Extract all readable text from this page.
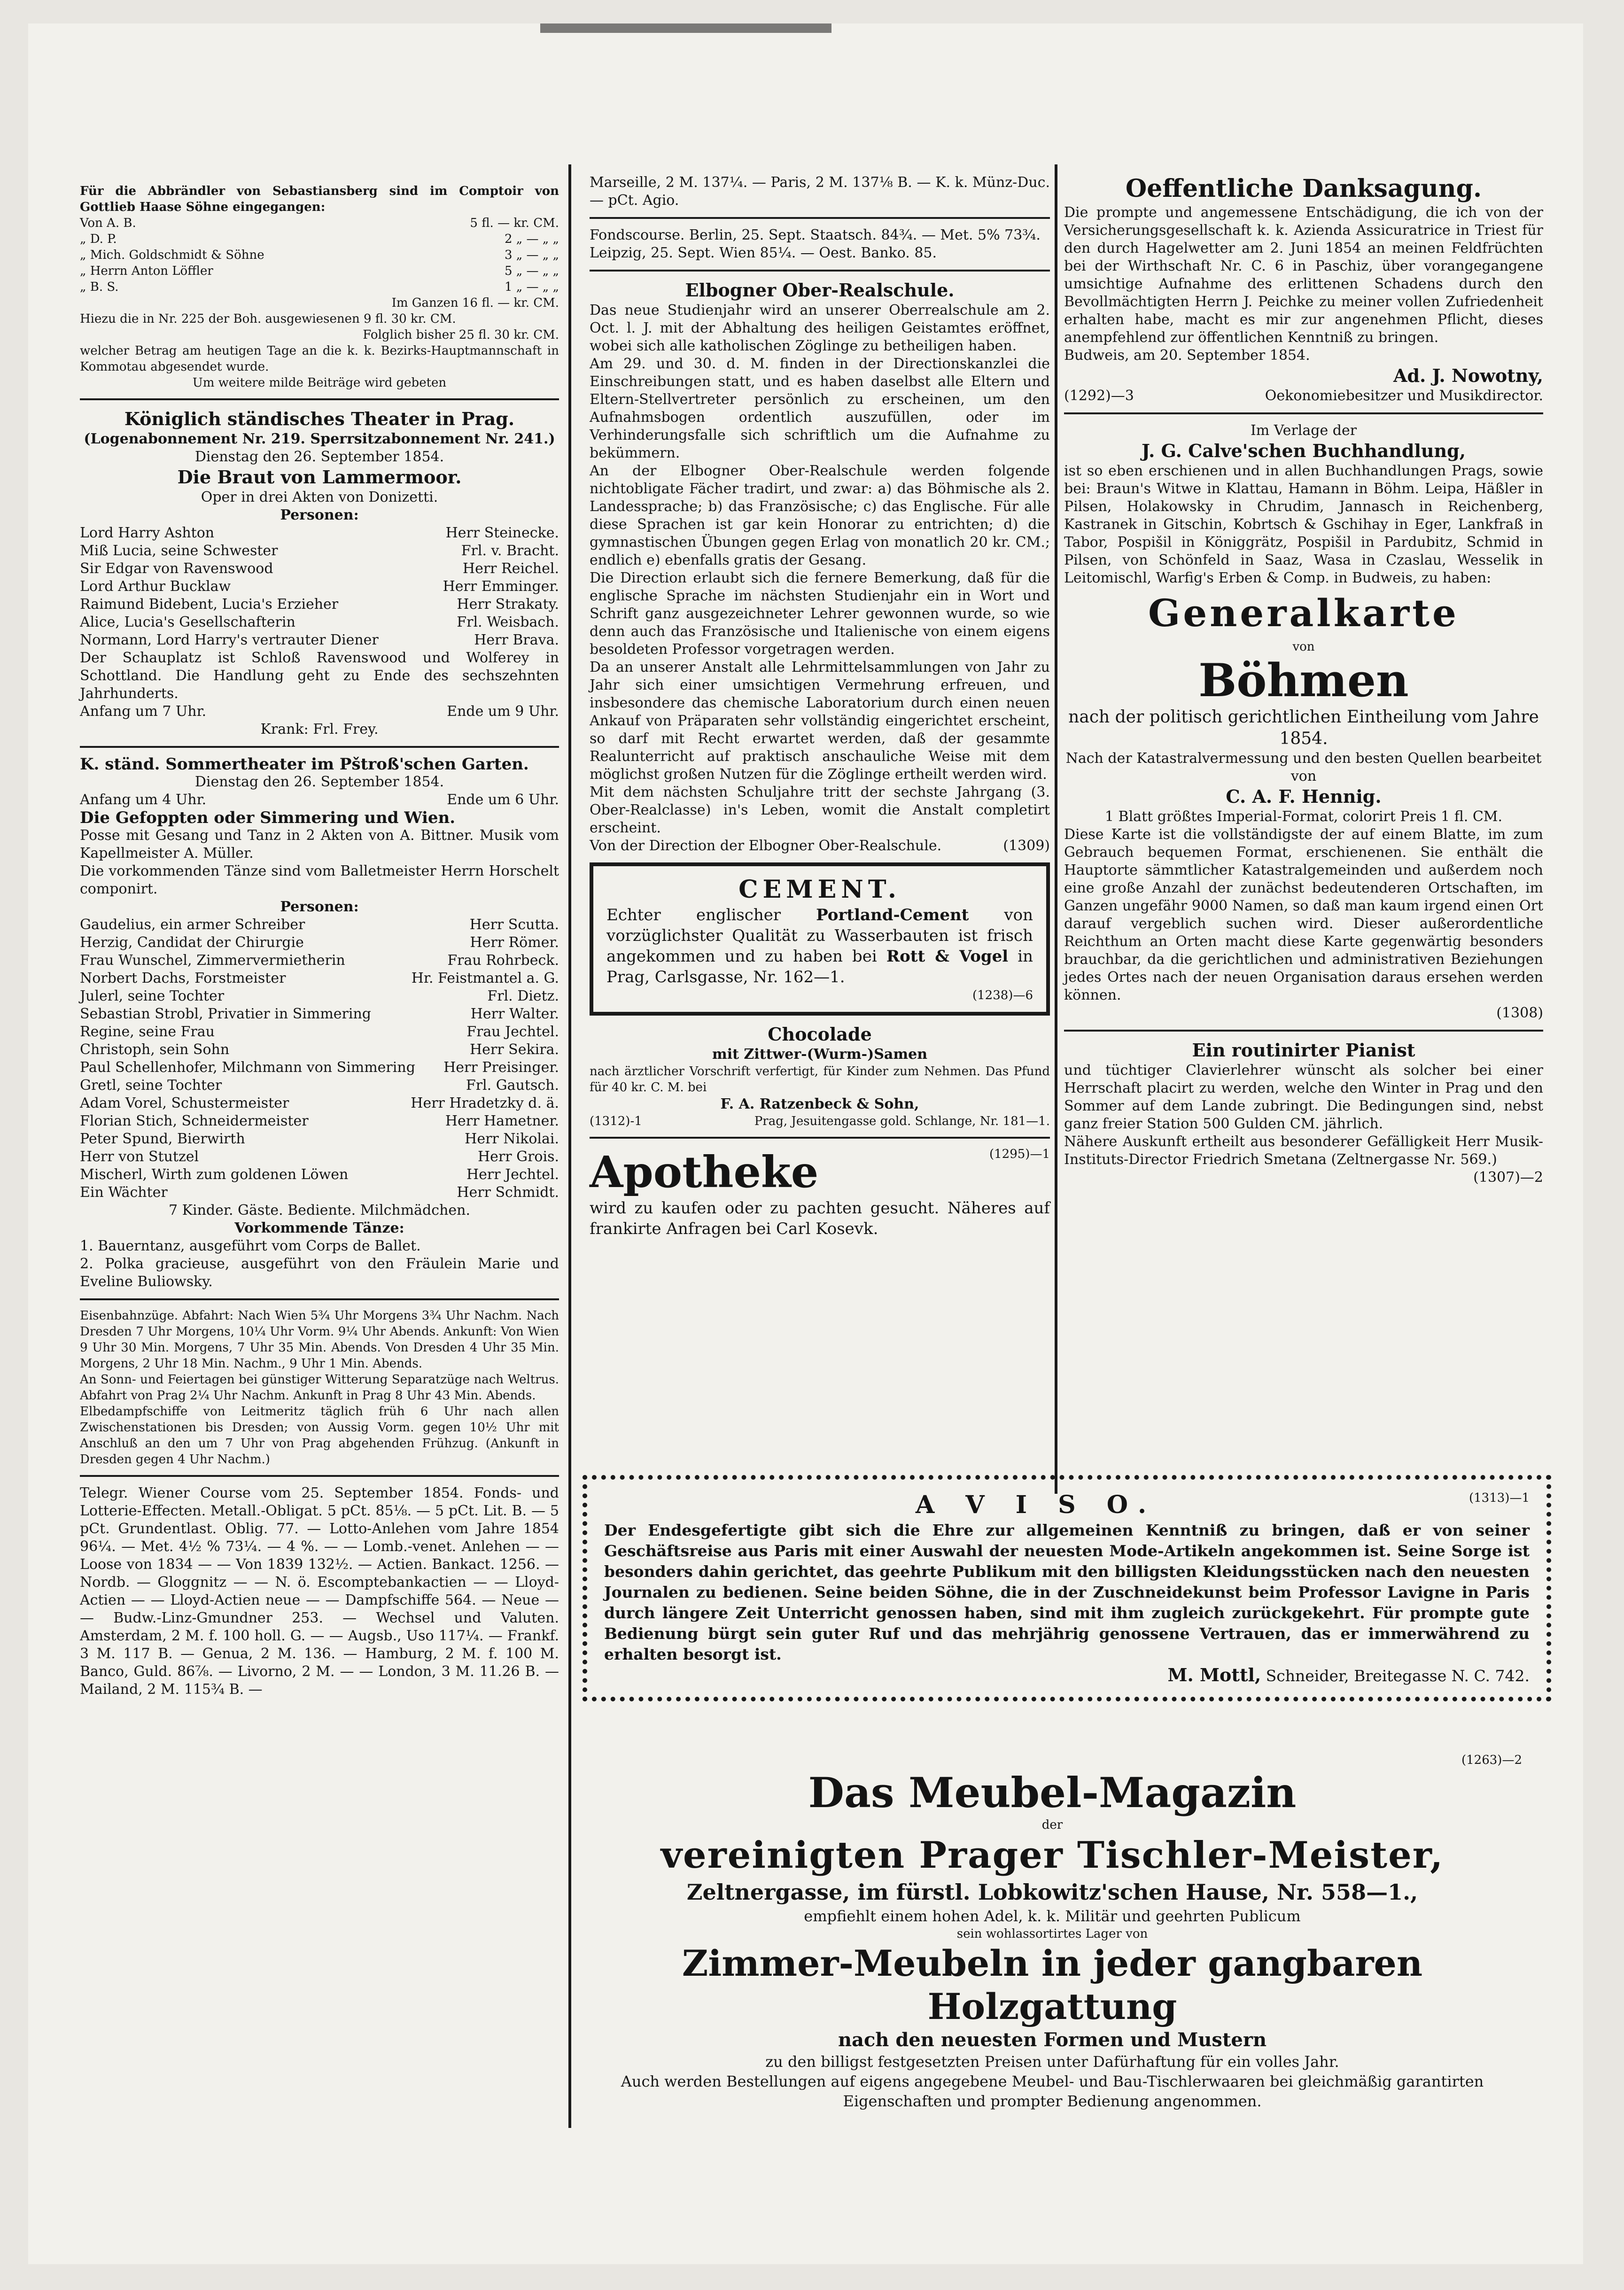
Für die Abbrändler von Sebastiansberg sind im Comptoir von Gottlieb Haase Söhne eingegangen:

Von A. B.	5 fl. — kr. CM.
„ D. P.	2 „ — „ „
„ Mich. Goldschmidt & Söhne	3 „ — „ „
„ Herrn Anton Löffler	5 „ — „ „
„ B. S.	1 „ — „ „
Im Ganzen 16 fl. — kr. CM.
Hiezu die in Nr. 225 der Boh. ausgewiesenen 9 fl. 30 kr. CM.
Folglich bisher 25 fl. 30 kr. CM.

welcher Betrag am heutigen Tage an die k. k. Bezirks-Hauptmannschaft in Kommotau abgesendet wurde.

Um weitere milde Beiträge wird gebeten
Königlich ständisches Theater in Prag.
(Logenabonnement Nr. 219. Sperrsitzabonnement Nr. 241.)
Dienstag den 26. September 1854.
Die Braut von Lammermoor.
Oper in drei Akten von Donizetti.
Personen:
Lord Harry Ashton	Herr Steinecke.
Miß Lucia, seine Schwester	Frl. v. Bracht.
Sir Edgar von Ravenswood	Herr Reichel.
Lord Arthur Bucklaw	Herr Emminger.
Raimund Bidebent, Lucia's Erzieher	Herr Strakaty.
Alice, Lucia's Gesellschafterin	Frl. Weisbach.
Normann, Lord Harry's vertrauter Diener	Herr Brava.

Der Schauplatz ist Schloß Ravenswood und Wolferey in Schottland. Die Handlung geht zu Ende des sechszehnten Jahrhunderts.

Anfang um 7 Uhr.	Ende um 9 Uhr.
Krank: Frl. Frey.
K. ständ. Sommertheater im Pštroß'schen Garten.
Dienstag den 26. September 1854.
Anfang um 4 Uhr.	Ende um 6 Uhr.
Die Gefoppten oder Simmering und Wien.

Posse mit Gesang und Tanz in 2 Akten von A. Bittner. Musik vom Kapellmeister A. Müller.

Die vorkommenden Tänze sind vom Balletmeister Herrn Horschelt componirt.

Personen:
Gaudelius, ein armer Schreiber	Herr Scutta.
Herzig, Candidat der Chirurgie	Herr Römer.
Frau Wunschel, Zimmervermietherin	Frau Rohrbeck.
Norbert Dachs, Forstmeister	Hr. Feistmantel a. G.
Julerl, seine Tochter	Frl. Dietz.
Sebastian Strobl, Privatier in Simmering	Herr Walter.
Regine, seine Frau	Frau Jechtel.
Christoph, sein Sohn	Herr Sekira.
Paul Schellenhofer, Milchmann von Simmering Herr Preisinger.
Gretl, seine Tochter	Frl. Gautsch.
Adam Vorel, Schustermeister	Herr Hradetzky d. ä.
Florian Stich, Schneidermeister	Herr Hametner.
Peter Spund, Bierwirth	Herr Nikolai.
Herr von Stutzel	Herr Grois.
Mischerl, Wirth zum goldenen Löwen	Herr Jechtel.
Ein Wächter	Herr Schmidt.
7 Kinder. Gäste. Bediente. Milchmädchen.
Vorkommende Tänze:

1. Bauerntanz, ausgeführt vom Corps de Ballet.

2. Polka gracieuse, ausgeführt von den Fräulein Marie und Eveline Buliowsky.

Eisenbahnzüge. Abfahrt: Nach Wien 5¾ Uhr Morgens 3¾ Uhr Nachm. Nach Dresden 7 Uhr Morgens, 10¼ Uhr Vorm. 9¼ Uhr Abends. Ankunft: Von Wien 9 Uhr 30 Min. Morgens, 7 Uhr 35 Min. Abends. Von Dresden 4 Uhr 35 Min. Morgens, 2 Uhr 18 Min. Nachm., 9 Uhr 1 Min. Abends.

An Sonn- und Feiertagen bei günstiger Witterung Separatzüge nach Weltrus. Abfahrt von Prag 2¼ Uhr Nachm. Ankunft in Prag 8 Uhr 43 Min. Abends.

Elbedampfschiffe von Leitmeritz täglich früh 6 Uhr nach allen Zwischenstationen bis Dresden; von Aussig Vorm. gegen 10½ Uhr mit Anschluß an den um 7 Uhr von Prag abgehenden Frühzug. (Ankunft in Dresden gegen 4 Uhr Nachm.)

Telegr. Wiener Course vom 25. September 1854. Fonds- und Lotterie-Effecten. Metall.-Obligat. 5 pCt. 85⅛. — 5 pCt. Lit. B. — 5 pCt. Grundentlast. Oblig. 77. — Lotto-Anlehen vom Jahre 1854 96¼. — Met. 4½ % 73¼. — 4 %. — — Lomb.-venet. Anlehen — — Loose von 1834 — — Von 1839 132½. — Actien. Bankact. 1256. — Nordb. — Gloggnitz — — N. ö. Escomptebankactien — — Lloyd-Actien — — Lloyd-Actien neue — — Dampfschiffe 564. — Neue — — Budw.-Linz-Gmundner 253. — Wechsel und Valuten. Amsterdam, 2 M. f. 100 holl. G. — — Augsb., Uso 117¼. — Frankf. 3 M. 117 B. — Genua, 2 M. 136. — Hamburg, 2 M. f. 100 M. Banco, Guld. 86⅞. — Livorno, 2 M. — — London, 3 M. 11.26 B. — Mailand, 2 M. 115¾ B. —

Marseille, 2 M. 137¼. — Paris, 2 M. 137⅛ B. — K. k. Münz-Duc. — pCt. Agio.

Fondscourse. Berlin, 25. Sept. Staatsch. 84¾. — Met. 5% 73¾.

Leipzig, 25. Sept. Wien 85¼. — Oest. Banko. 85.

Elbogner Ober-Realschule.

Das neue Studienjahr wird an unserer Oberrealschule am 2. Oct. l. J. mit der Abhaltung des heiligen Geistamtes eröffnet, wobei sich alle katholischen Zöglinge zu betheiligen haben.

Am 29. und 30. d. M. finden in der Directionskanzlei die Einschreibungen statt, und es haben daselbst alle Eltern und Eltern-Stellvertreter persönlich zu erscheinen, um den Aufnahmsbogen ordentlich auszufüllen, oder im Verhinderungsfalle sich schriftlich um die Aufnahme zu bekümmern.

An der Elbogner Ober-Realschule werden folgende nichtobligate Fächer tradirt, und zwar: a) das Böhmische als 2. Landessprache; b) das Französische; c) das Englische. Für alle diese Sprachen ist gar kein Honorar zu entrichten; d) die gymnastischen Übungen gegen Erlag von monatlich 20 kr. CM.; endlich e) ebenfalls gratis der Gesang.

Die Direction erlaubt sich die fernere Bemerkung, daß für die englische Sprache im nächsten Studienjahr ein in Wort und Schrift ganz ausgezeichneter Lehrer gewonnen wurde, so wie denn auch das Französische und Italienische von einem eigens besoldeten Professor vorgetragen werden.

Da an unserer Anstalt alle Lehrmittelsammlungen von Jahr zu Jahr sich einer umsichtigen Vermehrung erfreuen, und insbesondere das chemische Laboratorium durch einen neuen Ankauf von Präparaten sehr vollständig eingerichtet erscheint, so darf mit Recht erwartet werden, daß der gesammte Realunterricht auf praktisch anschauliche Weise mit dem möglichst großen Nutzen für die Zöglinge ertheilt werden wird.

Mit dem nächsten Schuljahre tritt der sechste Jahrgang (3. Ober-Realclasse) in's Leben, womit die Anstalt completirt erscheint.

Von der Direction der Elbogner Ober-Realschule.	(1309)
CEMENT.

Echter englischer Portland-Cement von vorzüglichster Qualität zu Wasserbauten ist frisch angekommen und zu haben bei Rott & Vogel in Prag, Carlsgasse, Nr. 162—1.

(1238)—6
Chocolade
mit Zittwer-(Wurm-)Samen

nach ärztlicher Vorschrift verfertigt, für Kinder zum Nehmen. Das Pfund für 40 kr. C. M. bei

F. A. Ratzenbeck & Sohn,
(1312)-1	Prag, Jesuitengasse gold. Schlange, Nr. 181—1.
Apotheke	(1295)—1

wird zu kaufen oder zu pachten gesucht. Näheres auf frankirte Anfragen bei Carl Kosevk.

Oeffentliche Danksagung.

Die prompte und angemessene Entschädigung, die ich von der Versicherungsgesellschaft k. k. Azienda Assicuratrice in Triest für den durch Hagelwetter am 2. Juni 1854 an meinen Feldfrüchten bei der Wirthschaft Nr. C. 6 in Paschiz, über vorangegangene umsichtige Aufnahme des erlittenen Schadens durch den Bevollmächtigten Herrn J. Peichke zu meiner vollen Zufriedenheit erhalten habe, macht es mir zur angenehmen Pflicht, dieses anempfehlend zur öffentlichen Kenntniß zu bringen.

Budweis, am 20. September 1854.
Ad. J. Nowotny,
(1292)—3	Oekonomiebesitzer und Musikdirector.
Im Verlage der
J. G. Calve'schen Buchhandlung,

ist so eben erschienen und in allen Buchhandlungen Prags, sowie bei: Braun's Witwe in Klattau, Hamann in Böhm. Leipa, Häßler in Pilsen, Holakowsky in Chrudim, Jannasch in Reichenberg, Kastranek in Gitschin, Kobrtsch & Gschihay in Eger, Lankfraß in Tabor, Pospišil in Königgrätz, Pospišil in Pardubitz, Schmid in Pilsen, von Schönfeld in Saaz, Wasa in Czaslau, Wesselik in Leitomischl, Warfig's Erben & Comp. in Budweis, zu haben:

Generalkarte
von
Böhmen
nach der politisch gerichtlichen Eintheilung vom Jahre 1854.
Nach der Katastralvermessung und den besten Quellen bearbeitet von
C. A. F. Hennig.
1 Blatt größtes Imperial-Format, colorirt Preis 1 fl. CM.

Diese Karte ist die vollständigste der auf einem Blatte, im zum Gebrauch bequemen Format, erschienenen. Sie enthält die Hauptorte sämmtlicher Katastralgemeinden und außerdem noch eine große Anzahl der zunächst bedeutenderen Ortschaften, im Ganzen ungefähr 9000 Namen, so daß man kaum irgend einen Ort darauf vergeblich suchen wird. Dieser außerordentliche Reichthum an Orten macht diese Karte gegenwärtig besonders brauchbar, da die gerichtlichen und administrativen Beziehungen jedes Ortes nach der neuen Organisation daraus ersehen werden können.

(1308)
Ein routinirter Pianist

und tüchtiger Clavierlehrer wünscht als solcher bei einer Herrschaft placirt zu werden, welche den Winter in Prag und den Sommer auf dem Lande zubringt. Die Bedingungen sind, nebst ganz freier Station 500 Gulden CM. jährlich.

Nähere Auskunft ertheilt aus besonderer Gefälligkeit Herr Musik-Instituts-Director Friedrich Smetana (Zeltnergasse Nr. 569.)

(1307)—2
A V I S O.	(1313)—1

Der Endesgefertigte gibt sich die Ehre zur allgemeinen Kenntniß zu bringen, daß er von seiner Geschäftsreise aus Paris mit einer Auswahl der neuesten Mode-Artikeln angekommen ist. Seine Sorge ist besonders dahin gerichtet, das geehrte Publikum mit den billigsten Kleidungsstücken nach den neuesten Journalen zu bedienen. Seine beiden Söhne, die in der Zuschneidekunst beim Professor Lavigne in Paris durch längere Zeit Unterricht genossen haben, sind mit ihm zugleich zurückgekehrt. Für prompte gute Bedienung bürgt sein guter Ruf und das mehrjährig genossene Vertrauen, das er immerwährend zu erhalten besorgt ist.

M. Mottl, Schneider, Breitegasse N. C. 742.
(1263)—2
Das Meubel-Magazin
der
vereinigten Prager Tischler-Meister,
Zeltnergasse, im fürstl. Lobkowitz'schen Hause, Nr. 558—1.,
empfiehlt einem hohen Adel, k. k. Militär und geehrten Publicum
sein wohlassortirtes Lager von
Zimmer-Meubeln in jeder gangbaren Holzgattung
nach den neuesten Formen und Mustern
zu den billigst festgesetzten Preisen unter Dafürhaftung für ein volles Jahr.

Auch werden Bestellungen auf eigens angegebene Meubel- und Bau-Tischlerwaaren bei gleichmäßig garantirten Eigenschaften und prompter Bedienung angenommen.
